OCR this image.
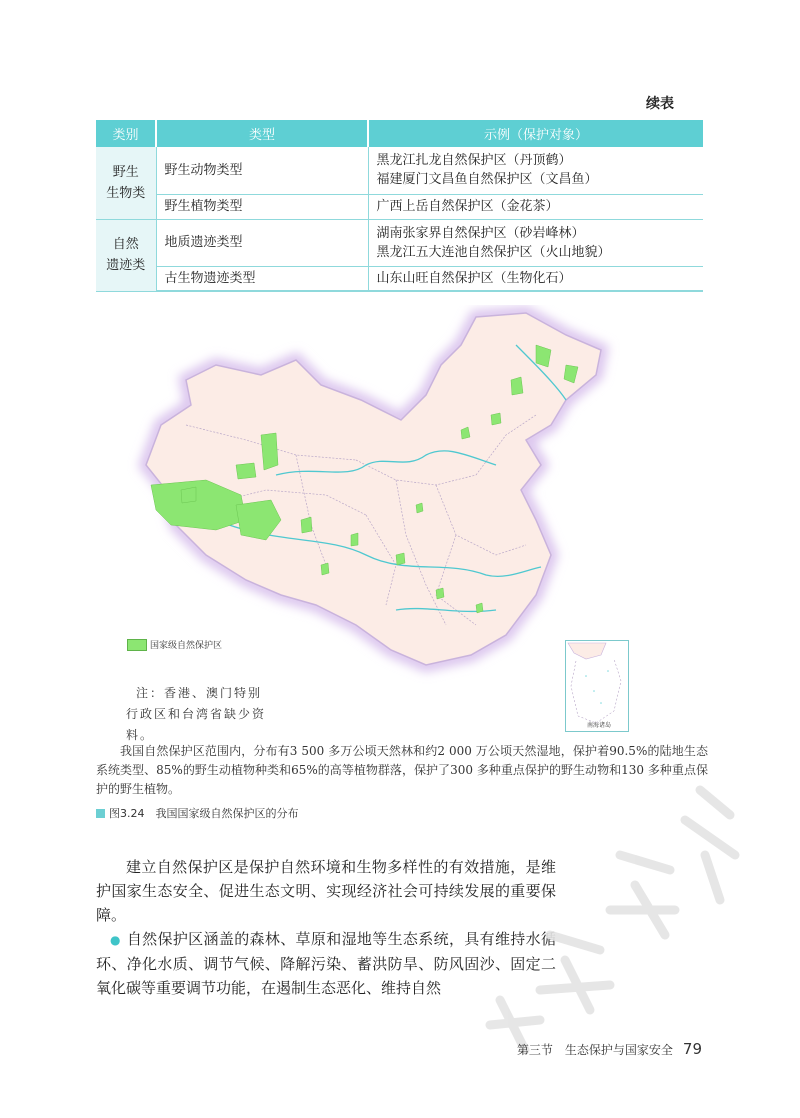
续表
类别	类型	示例（保护对象）
野生
生物类	野生动物类型	黑龙江扎龙自然保护区（丹顶鹤）
福建厦门文昌鱼自然保护区（文昌鱼）
	野生植物类型	广西上岳自然保护区（金花茶）
自然
遗迹类	地质遗迹类型	湖南张家界自然保护区（砂岩峰林）
黑龙江五大连池自然保护区（火山地貌）
	古生物遗迹类型	山东山旺自然保护区（生物化石）
国家级自然保护区
注：香港、澳门特别
行政区和台湾省缺少资料。
南海诸岛
我国自然保护区范围内，分布有3 500 多万公顷天然林和约2 000 万公顷天然湿地，保护着90.5%的陆地生态系统类型、85%的野生动植物种类和65%的高等植物群落，保护了300 多种重点保护的野生动物和130 多种重点保护的野生植物。
图3.24　我国国家级自然保护区的分布

建立自然保护区是保护自然环境和生物多样性的有效措施，是维护国家生态安全、促进生态文明、实现经济社会可持续发展的重要保障。

● 自然保护区涵盖的森林、草原和湿地等生态系统，具有维持水循环、净化水质、调节气候、降解污染、蓄洪防旱、防风固沙、固定二氧化碳等重要调节功能，在遏制生态恶化、维持自然

第三节　生态保护与国家安全 79
